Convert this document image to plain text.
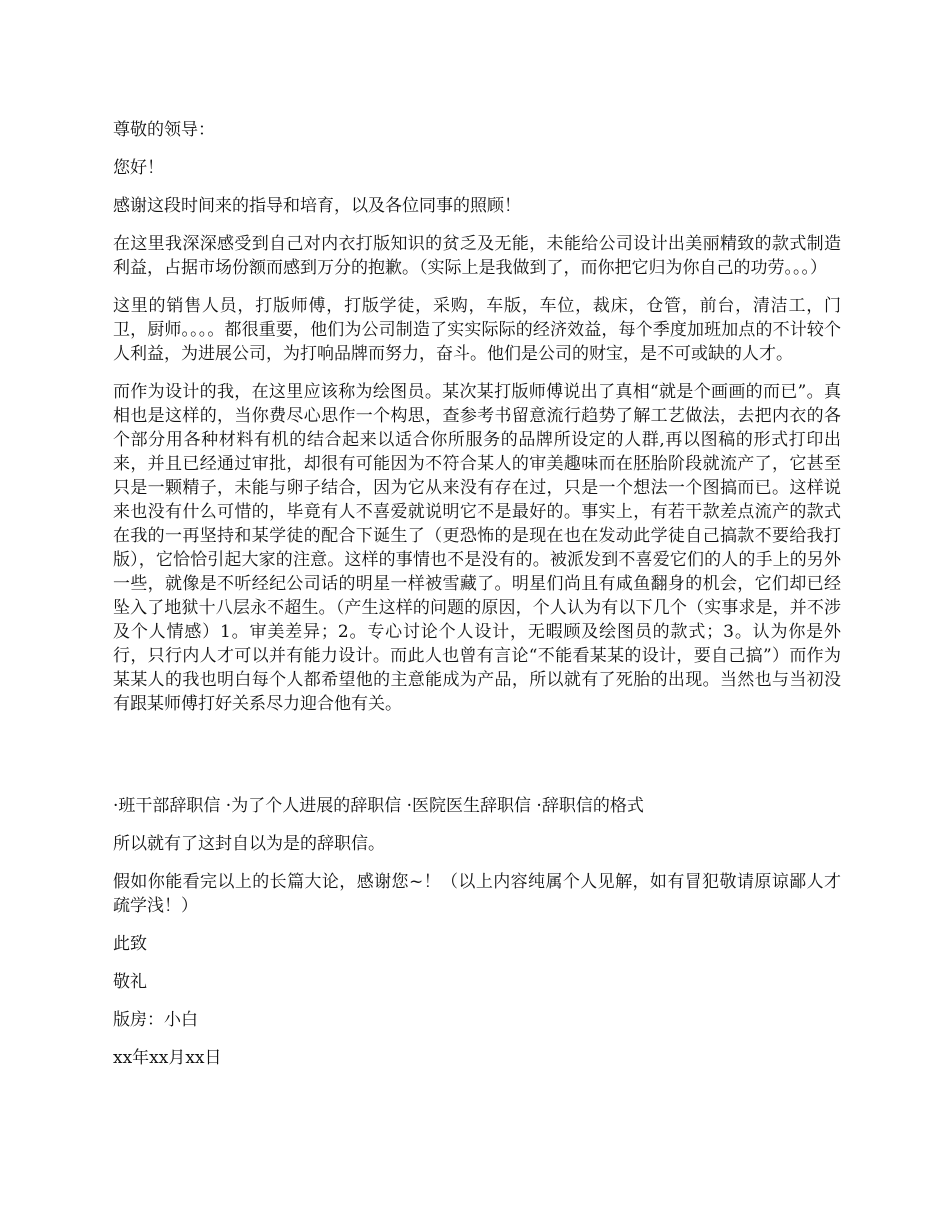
尊敬的领导：

您好！

感谢这段时间来的指导和培育，以及各位同事的照顾！

在这里我深深感受到自己对内衣打版知识的贫乏及无能，未能给公司设计出美丽精致的款式制造利益，占据市场份额而感到万分的抱歉。（实际上是我做到了，而你把它归为你自己的功劳。。。）

这里的销售人员，打版师傅，打版学徒，采购，车版，车位，裁床，仓管，前台，清洁工，门卫，厨师。。。。都很重要，他们为公司制造了实实际际的经济效益，每个季度加班加点的不计较个人利益，为进展公司，为打响品牌而努力，奋斗。他们是公司的财宝，是不可或缺的人才。

而作为设计的我，在这里应该称为绘图员。某次某打版师傅说出了真相“就是个画画的而已”。真相也是这样的，当你费尽心思作一个构思，查参考书留意流行趋势了解工艺做法，去把内衣的各个部分用各种材料有机的结合起来以适合你所服务的品牌所设定的人群,再以图稿的形式打印出来，并且已经通过审批，却很有可能因为不符合某人的审美趣味而在胚胎阶段就流产了，它甚至只是一颗精子，未能与卵子结合，因为它从来没有存在过，只是一个想法一个图搞而已。这样说来也没有什么可惜的，毕竟有人不喜爱就说明它不是最好的。事实上，有若干款差点流产的款式在我的一再坚持和某学徒的配合下诞生了（更恐怖的是现在也在发动此学徒自己搞款不要给我打版），它恰恰引起大家的注意。这样的事情也不是没有的。被派发到不喜爱它们的人的手上的另外一些，就像是不听经纪公司话的明星一样被雪藏了。明星们尚且有咸鱼翻身的机会，它们却已经坠入了地狱十八层永不超生。（产生这样的问题的原因，个人认为有以下几个（实事求是，并不涉及个人情感）1。审美差异；2。专心讨论个人设计，无暇顾及绘图员的款式；3。认为你是外行，只行内人才可以并有能力设计。而此人也曾有言论“不能看某某的设计，要自己搞”）而作为某某人的我也明白每个人都希望他的主意能成为产品，所以就有了死胎的出现。当然也与当初没有跟某师傅打好关系尽力迎合他有关。

·班干部辞职信 ·为了个人进展的辞职信 ·医院医生辞职信 ·辞职信的格式

所以就有了这封自以为是的辞职信。

假如你能看完以上的长篇大论，感谢您~！（以上内容纯属个人见解，如有冒犯敬请原谅鄙人才疏学浅！）

此致

敬礼

版房：小白

xx年xx月xx日
